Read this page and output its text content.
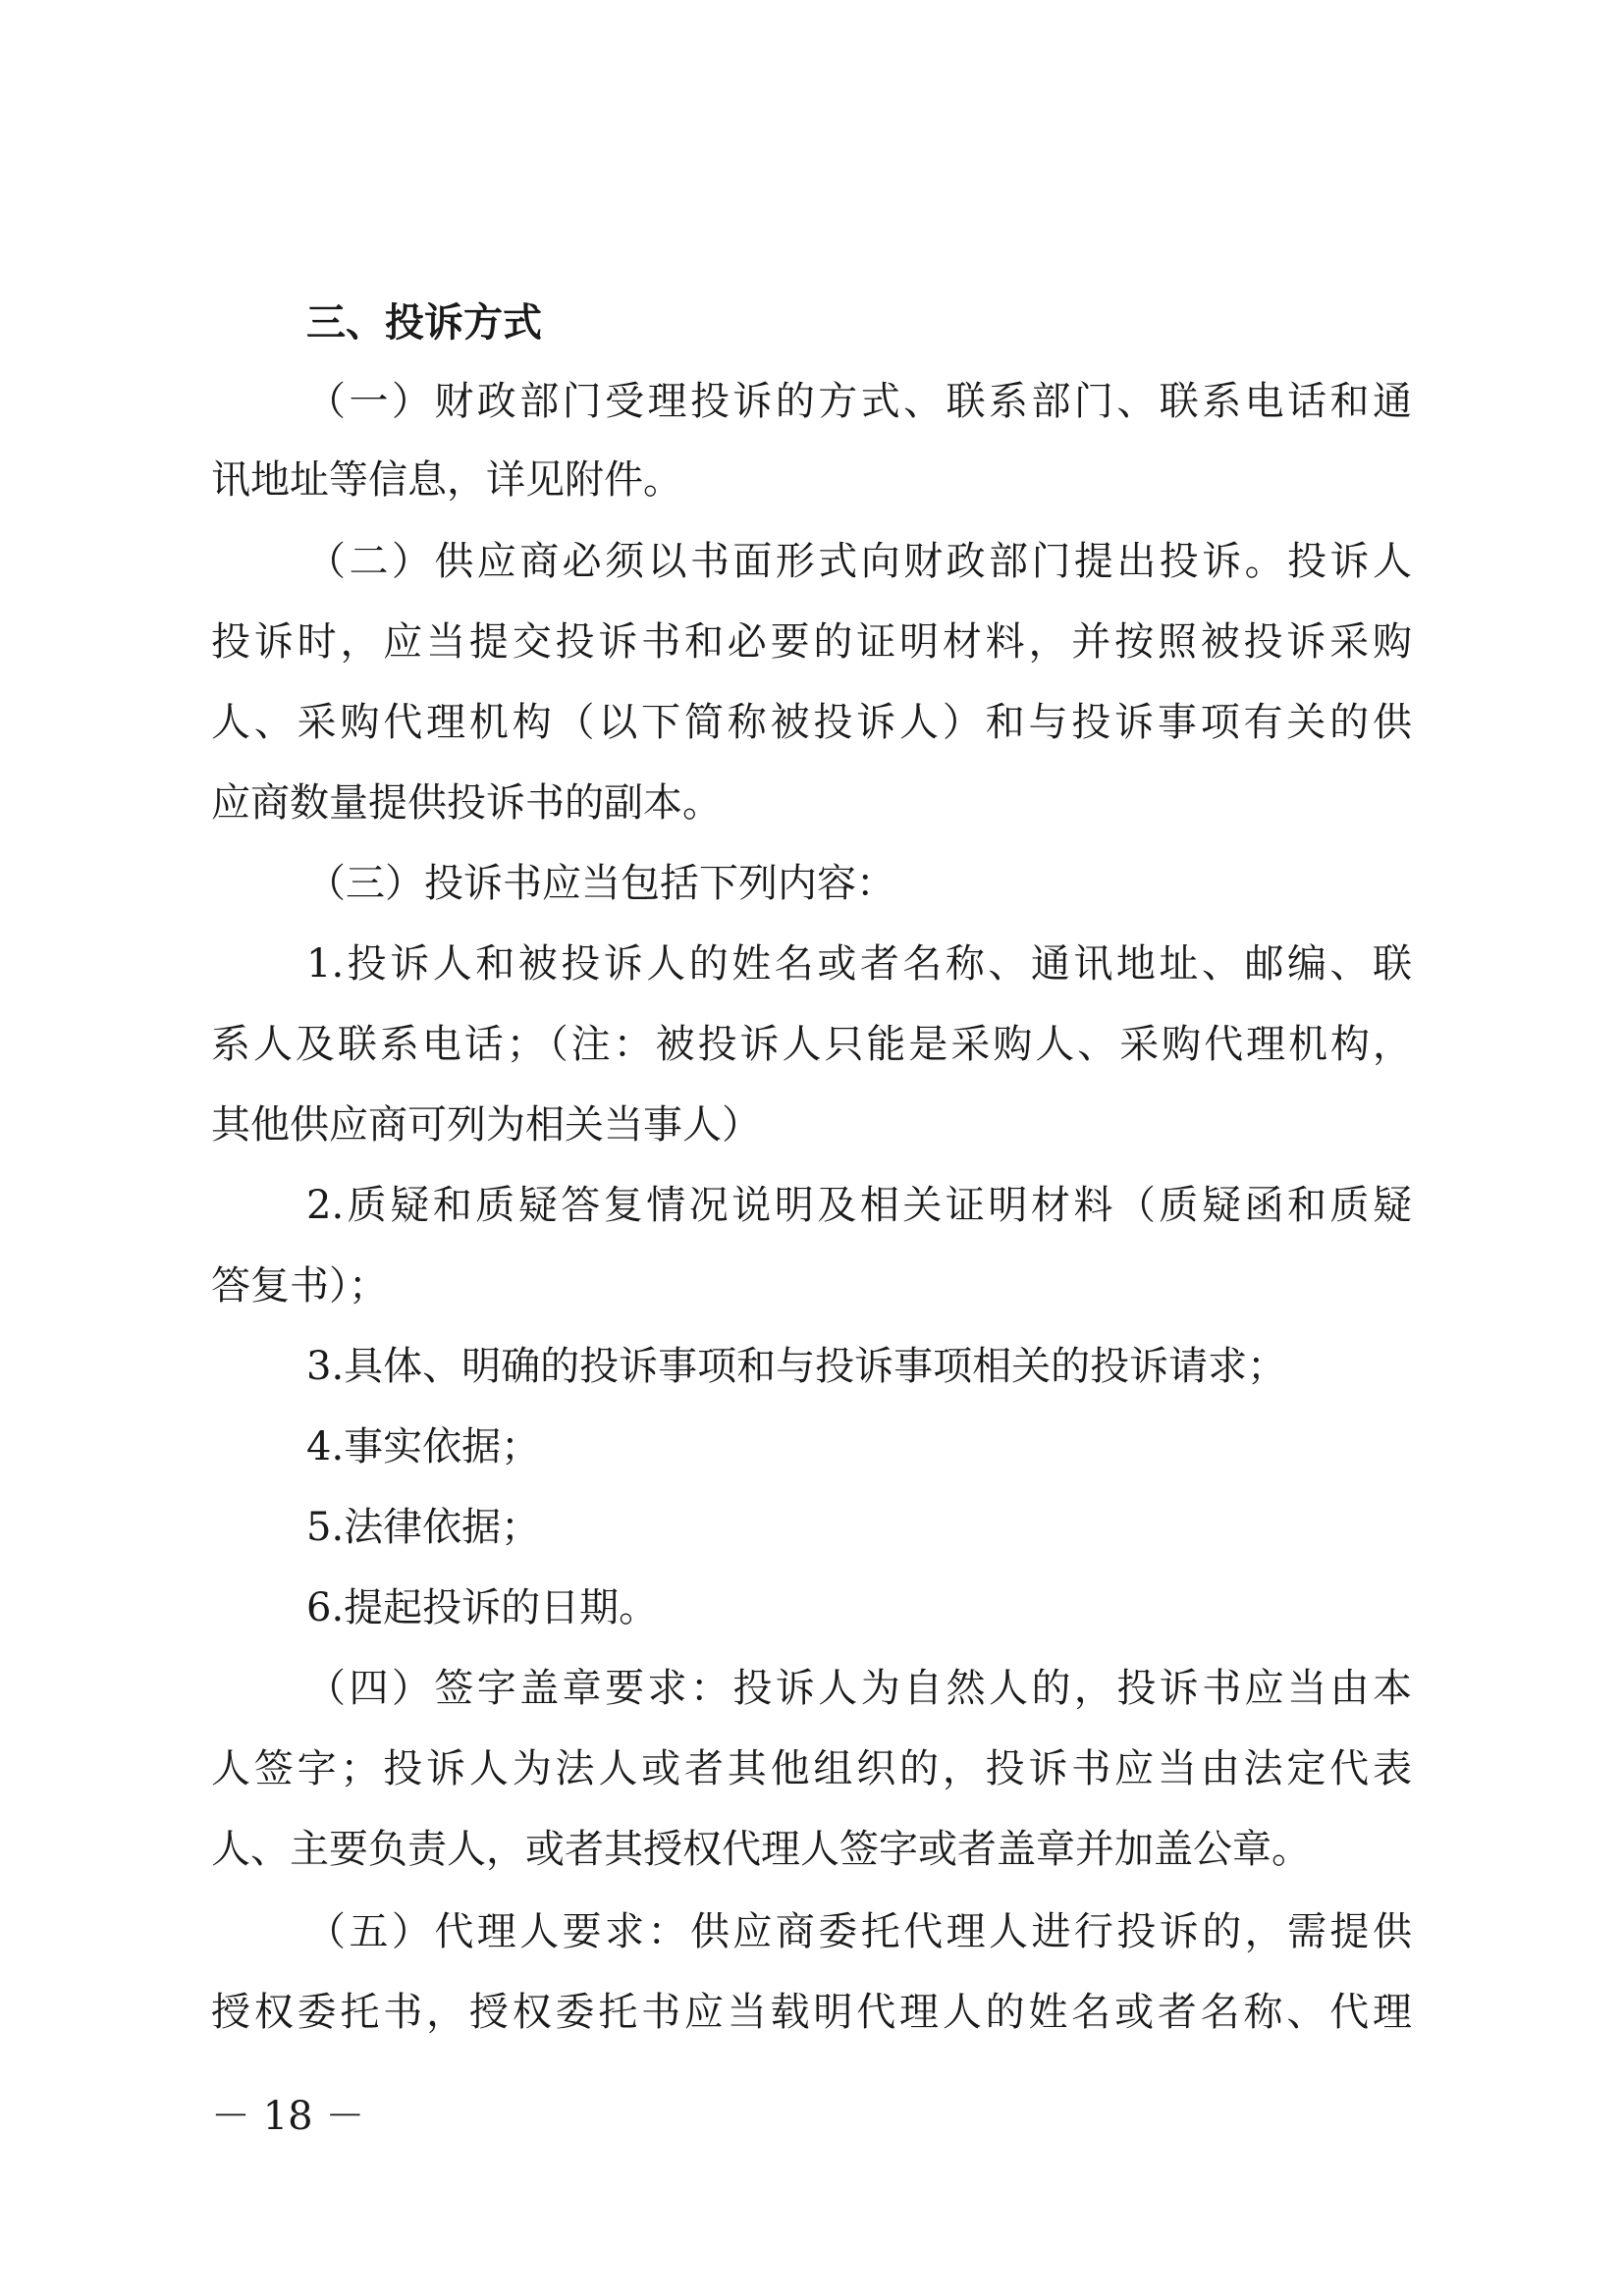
三、投诉方式
（一）财政部门受理投诉的方式、联系部门、联系电话和通
讯地址等信息，详见附件。
（二）供应商必须以书面形式向财政部门提出投诉。投诉人
投诉时，应当提交投诉书和必要的证明材料，并按照被投诉采购
人、采购代理机构（以下简称被投诉人）和与投诉事项有关的供
应商数量提供投诉书的副本。
（三）投诉书应当包括下列内容：
1.投诉人和被投诉人的姓名或者名称、通讯地址、邮编、联
系人及联系电话；（注：被投诉人只能是采购人、采购代理机构，
其他供应商可列为相关当事人）
2.质疑和质疑答复情况说明及相关证明材料（质疑函和质疑
答复书）；
3.具体、明确的投诉事项和与投诉事项相关的投诉请求；
4.事实依据；
5.法律依据；
6.提起投诉的日期。
（四）签字盖章要求：投诉人为自然人的，投诉书应当由本
人签字；投诉人为法人或者其他组织的，投诉书应当由法定代表
人、主要负责人，或者其授权代理人签字或者盖章并加盖公章。
（五）代理人要求：供应商委托代理人进行投诉的，需提供
授权委托书，授权委托书应当载明代理人的姓名或者名称、代理
－ 18 －
